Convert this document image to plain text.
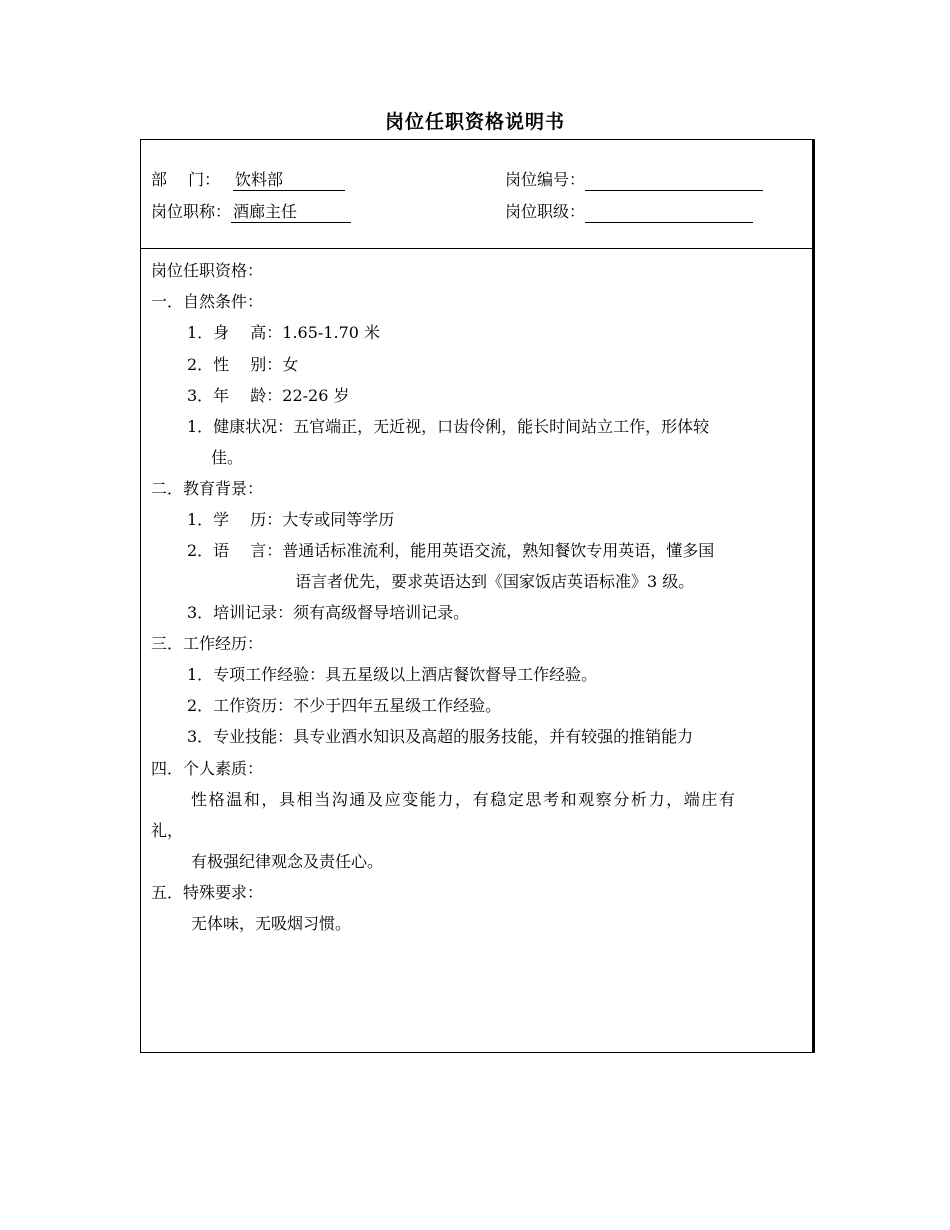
岗位任职资格说明书
部　 门： 饮料部	岗位编号：
岗位职称： 酒廊主任	岗位职级：
岗位任职资格：
一．自然条件：
1．身　 高：1.65-1.70 米
2．性　 别：女
3．年　 龄：22-26 岁
1．健康状况：五官端正，无近视，口齿伶俐，能长时间站立工作，形体较
佳。
二．教育背景：
1．学　 历：大专或同等学历
2．语　 言：普通话标准流利，能用英语交流，熟知餐饮专用英语，懂多国
语言者优先，要求英语达到《国家饭店英语标准》3 级。
3．培训记录：须有高级督导培训记录。
三．工作经历：
1．专项工作经验：具五星级以上酒店餐饮督导工作经验。
2．工作资历：不少于四年五星级工作经验。
3．专业技能：具专业酒水知识及高超的服务技能，并有较强的推销能力
四．个人素质：
性格温和，具相当沟通及应变能力，有稳定思考和观察分析力，端庄有
礼，
有极强纪律观念及责任心。
五．特殊要求：
无体味，无吸烟习惯。
